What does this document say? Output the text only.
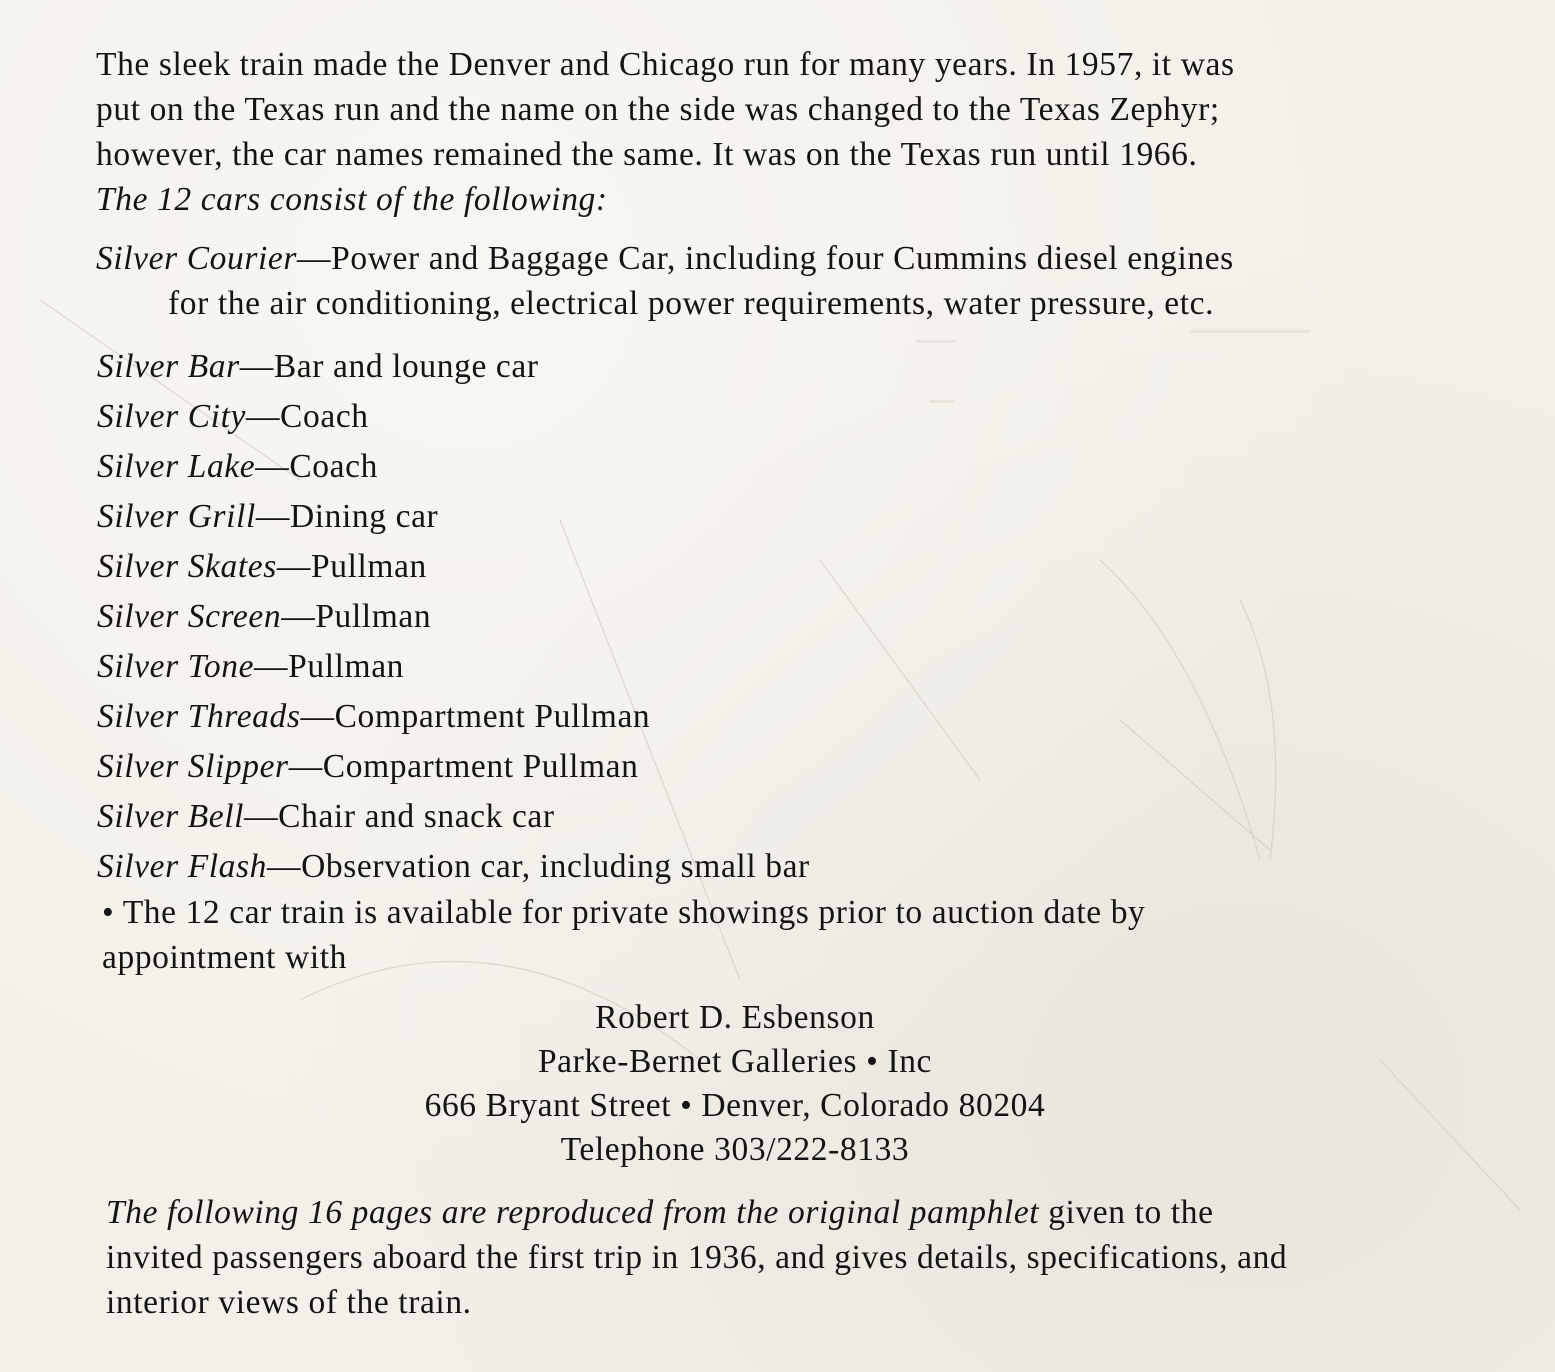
The sleek train made the Denver and Chicago run for many years. In 1957, it was
put on the Texas run and the name on the side was changed to the Texas Zephyr;
however, the car names remained the same. It was on the Texas run until 1966.
The 12 cars consist of the following:
Silver Courier—Power and Baggage Car, including four Cummins diesel engines
for the air conditioning, electrical power requirements, water pressure, etc.
Silver Bar—Bar and lounge car
Silver City—Coach
Silver Lake—Coach
Silver Grill—Dining car
Silver Skates—Pullman
Silver Screen—Pullman
Silver Tone—Pullman
Silver Threads—Compartment Pullman
Silver Slipper—Compartment Pullman
Silver Bell—Chair and snack car
Silver Flash—Observation car, including small bar
• The 12 car train is available for private showings prior to auction date by
appointment with
Robert D. Esbenson
Parke-Bernet Galleries • Inc
666 Bryant Street • Denver, Colorado 80204
Telephone 303/222-8133
The following 16 pages are reproduced from the original pamphlet given to the
invited passengers aboard the first trip in 1936, and gives details, specifications, and
interior views of the train.
